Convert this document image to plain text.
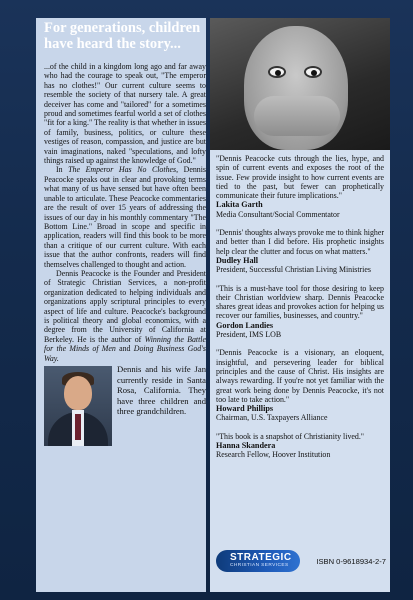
For generations, children have heard the story...

...of the child in a kingdom long ago and far away who had the courage to speak out, "The emperor has no clothes!" Our current culture seems to resemble the society of that nursery tale. A great deceiver has come and "tailored" for a sometimes proud and sometimes fearful world a set of clothes "fit for a king." The reality is that whether in issues of family, business, politics, or culture these vestiges of reason, compassion, and justice are but vain imaginations, naked "speculations, and lofty things raised up against the knowledge of God."

In The Emperor Has No Clothes, Dennis Peacocke speaks out in clear and provoking terms what many of us have sensed but have often been unable to articulate. These Peacocke commentaries are the result of over 15 years of addressing the issues of our day in his monthly commentary "The Bottom Line." Broad in scope and specific in application, readers will find this book to be more than a critique of our current culture. With each issue that the author confronts, readers will find themselves challenged to thought and action.

Dennis Peacocke is the Founder and President of Strategic Christian Services, a non-profit organization dedicated to helping individuals and organizations apply scriptural principles to every aspect of life and culture. Peacocke's background is political theory and global economics, with a degree from the University of California at Berkeley. He is the author of Winning the Battle for the Minds of Men and Doing Business God's Way.

Dennis and his wife Jan currently reside in Santa Rosa, California. They have three children and three grandchildren.
"Dennis Peacocke cuts through the lies, hype, and spin of current events and exposes the root of the issue. Few provide insight to how current events are tied to the past, but fewer can prophetically communicate their future implications."
Lakita Garth
Media Consultant/Social Commentator
"Dennis' thoughts always provoke me to think higher and better than I did before. His prophetic insights help clear the clutter and focus on what matters."
Dudley Hall
President, Successful Christian Living Ministries
"This is a must-have tool for those desiring to keep their Christian worldview sharp. Dennis Peacocke shares great ideas and provokes action for helping us recover our families, businesses, and country."
Gordon Landies
President, IMS LOB
"Dennis Peacocke is a visionary, an eloquent, insightful, and persevering leader for biblical principles and the cause of Christ. His insights are always rewarding. If you're not yet familiar with the great work being done by Dennis Peacocke, it's not too late to take action."
Howard Phillips
Chairman, U.S. Taxpayers Alliance
"This book is a snapshot of Christianity lived."
Hanna Skandera
Research Fellow, Hoover Institution
STRATEGIC
CHRISTIAN SERVICES	ISBN 0-9618934-2-7
